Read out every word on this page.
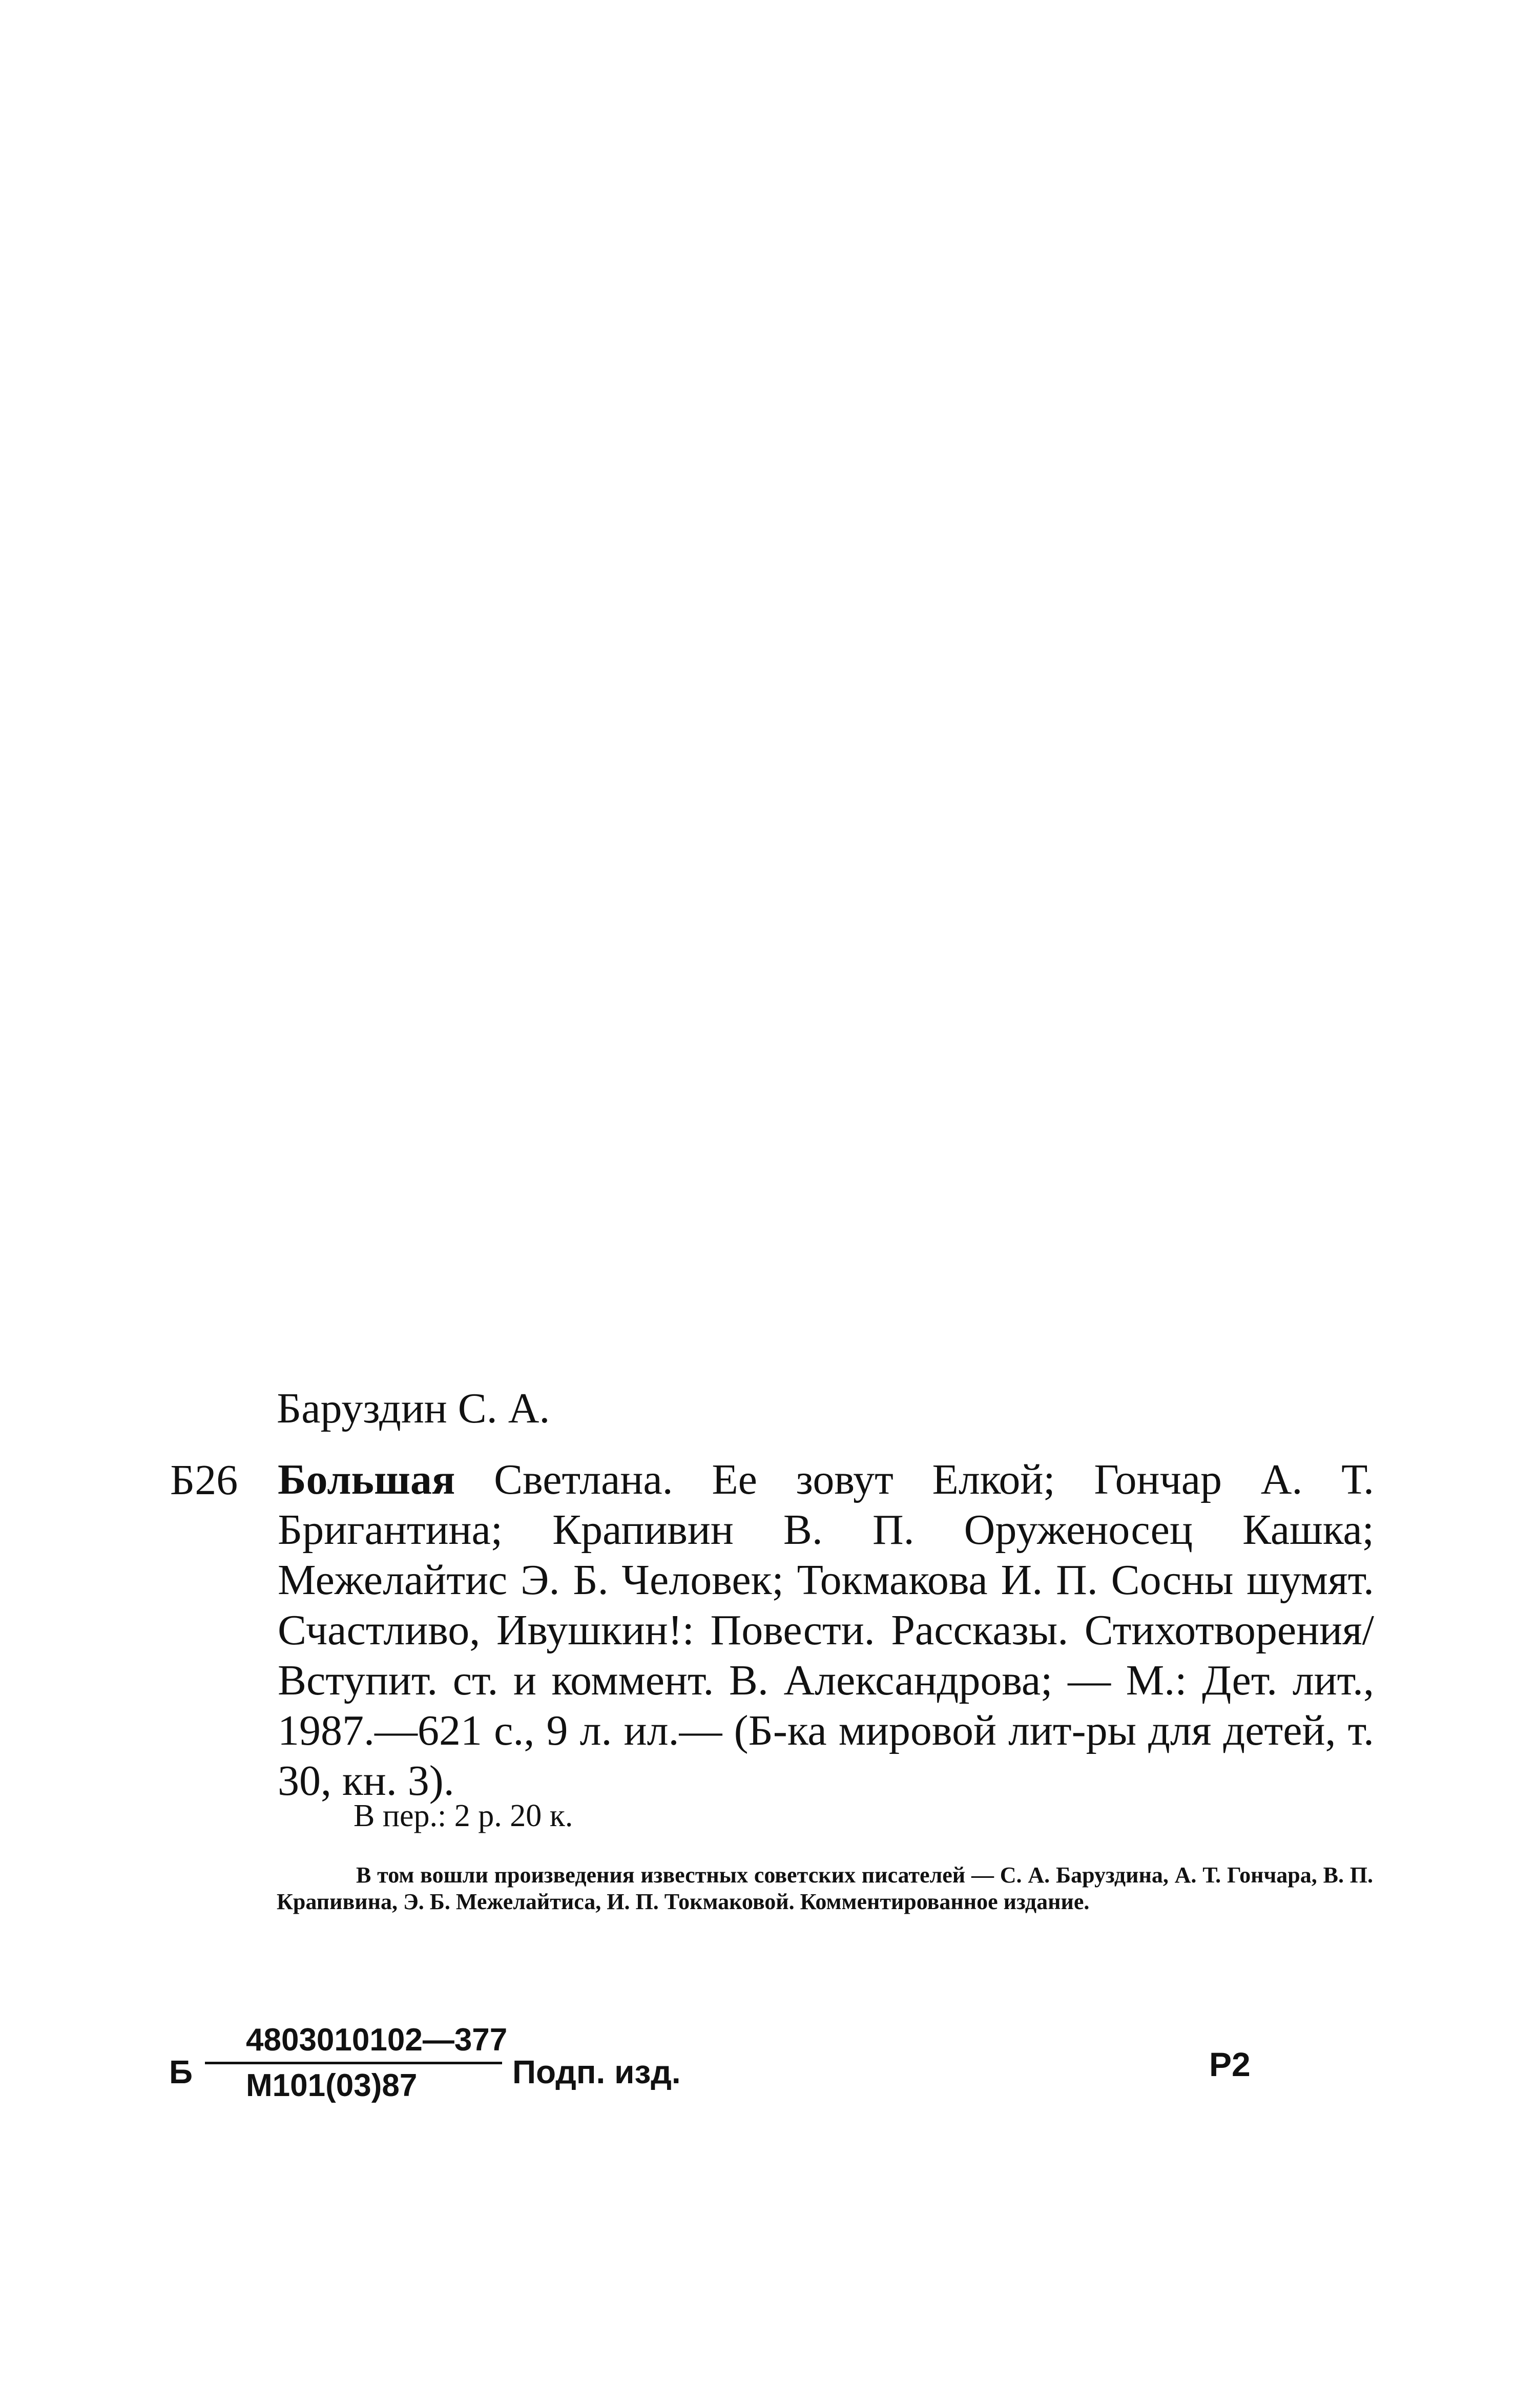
Баруздин С. А.
Б26 Большая Светлана. Ее зовут Елкой; Гончар А. Т. Бригантина; Крапивин В. П. Оруженосец Кашка; Межелайтис Э. Б. Человек; Токмакова И. П. Сосны шумят. Счастливо, Ивушкин!: Повести. Рассказы. Стихотворения/Вступит. ст. и коммент. В. Александрова; — М.: Дет. лит., 1987.—621 с., 9 л. ил.— (Б-ка мировой лит-ры для детей, т. 30, кн. 3).
В пер.: 2 р. 20 к.
В том вошли произведения известных советских писателей — С. А. Баруздина, А. Т. Гончара, В. П. Крапивина, Э. Б. Межелайтиса, И. П. Токмаковой. Комментированное издание.
Б
4803010102—377
М101(03)87	Подп. изд.	Р2
